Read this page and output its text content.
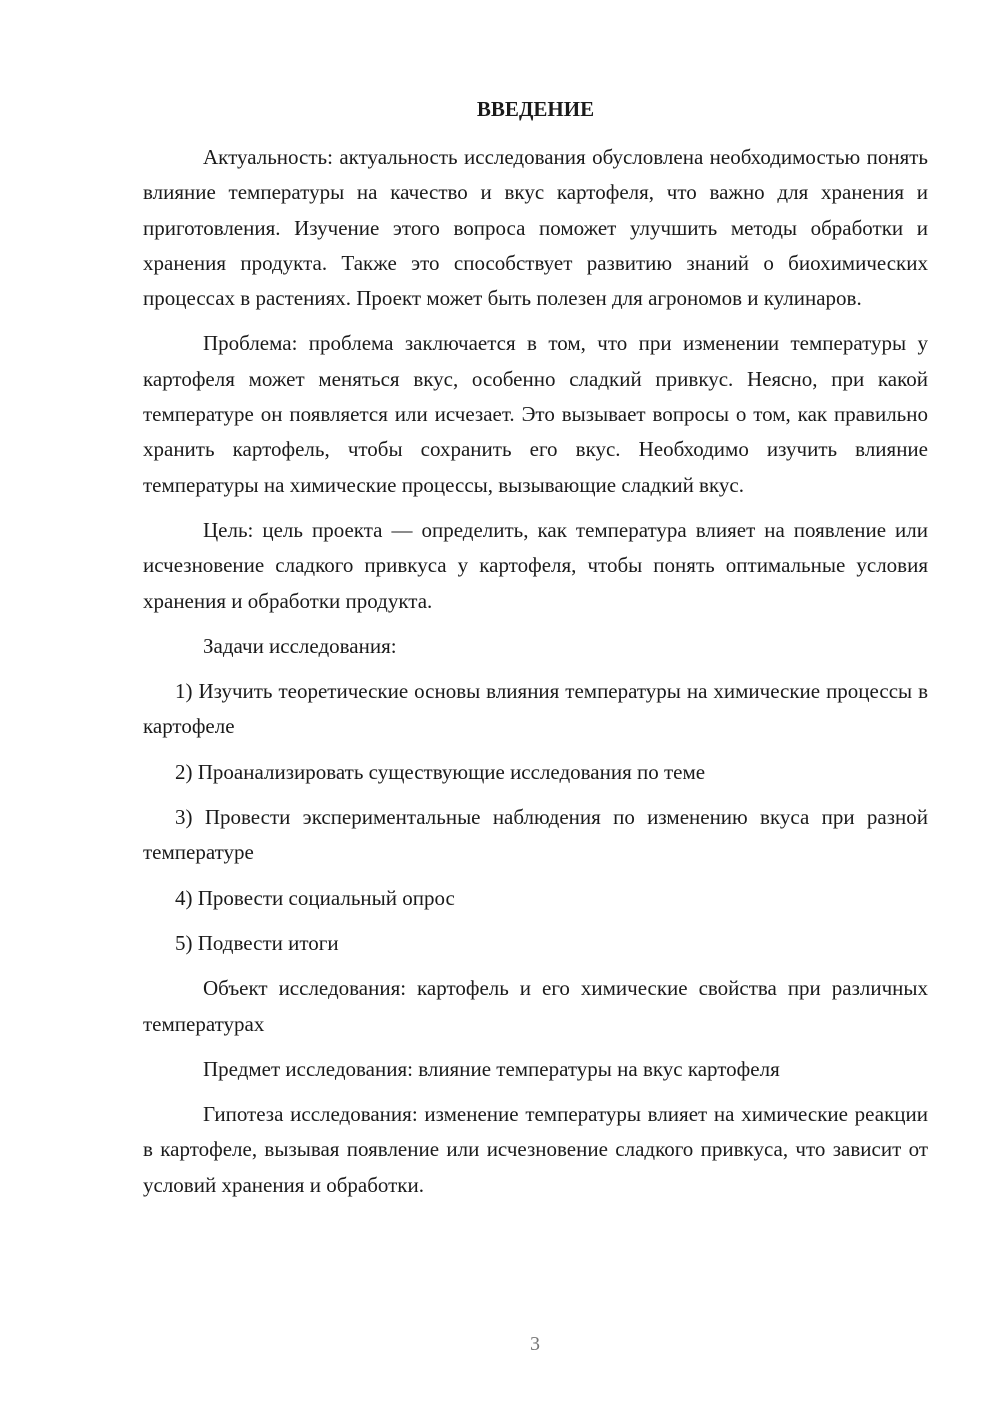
ВВЕДЕНИЕ

Актуальность: актуальность исследования обусловлена необходимостью понять влияние температуры на качество и вкус картофеля, что важно для хранения и приготовления. Изучение этого вопроса поможет улучшить методы обработки и хранения продукта. Также это способствует развитию знаний о биохимических процессах в растениях. Проект может быть полезен для агрономов и кулинаров.

Проблема: проблема заключается в том, что при изменении температуры у картофеля может меняться вкус, особенно сладкий привкус. Неясно, при какой температуре он появляется или исчезает. Это вызывает вопросы о том, как правильно хранить картофель, чтобы сохранить его вкус. Необходимо изучить влияние температуры на химические процессы, вызывающие сладкий вкус.

Цель: цель проекта — определить, как температура влияет на появление или исчезновение сладкого привкуса у картофеля, чтобы понять оптимальные условия хранения и обработки продукта.

Задачи исследования:

1) Изучить теоретические основы влияния температуры на химические процессы в картофеле

2) Проанализировать существующие исследования по теме

3) Провести экспериментальные наблюдения по изменению вкуса при разной температуре

4) Провести социальный опрос

5) Подвести итоги

Объект исследования: картофель и его химические свойства при различных температурах

Предмет исследования: влияние температуры на вкус картофеля

Гипотеза исследования: изменение температуры влияет на химические реакции в картофеле, вызывая появление или исчезновение сладкого привкуса, что зависит от условий хранения и обработки.

3
